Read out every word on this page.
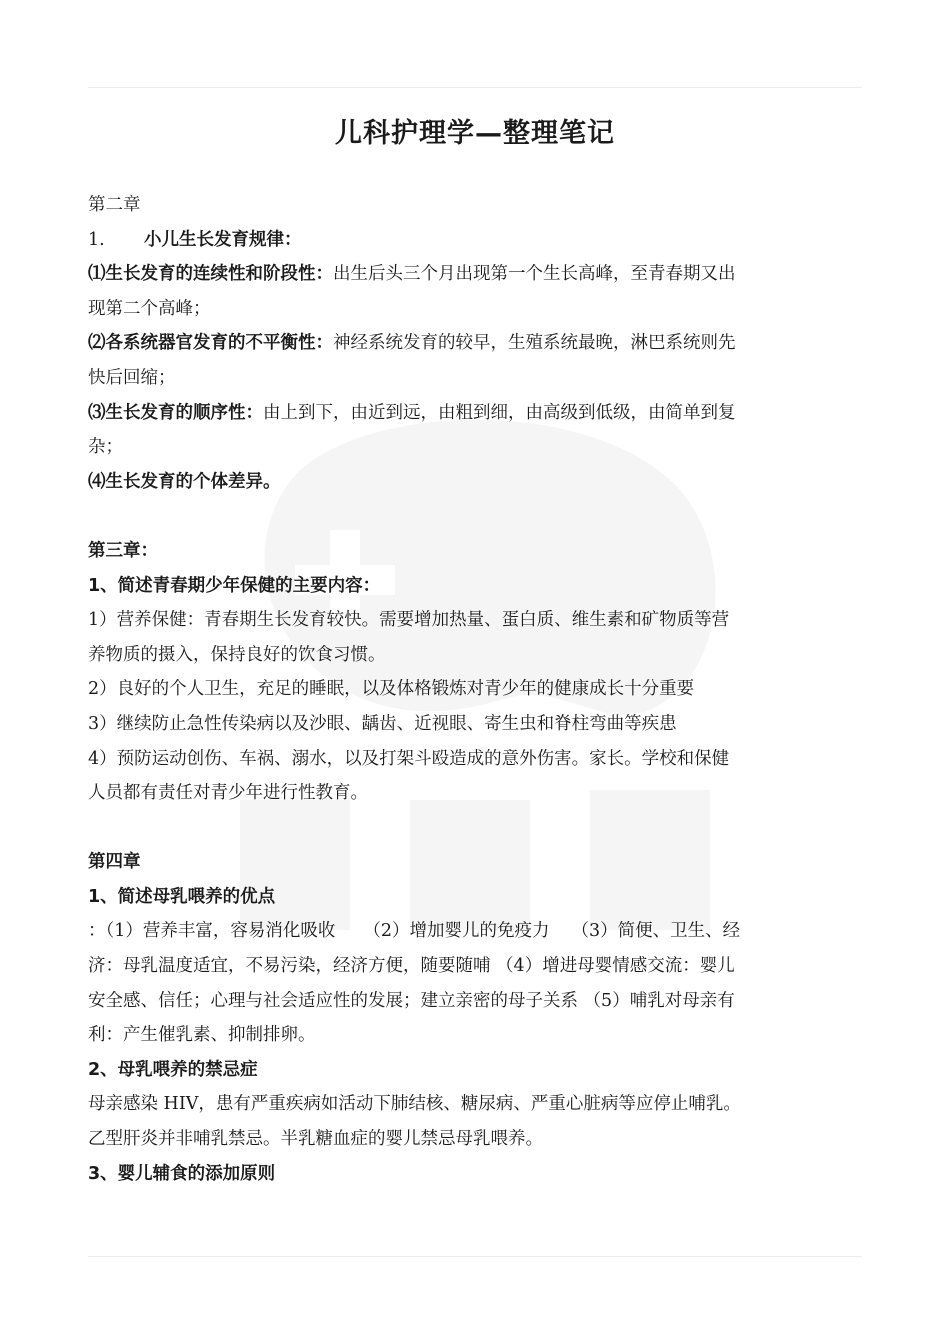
儿科护理学—整理笔记
第二章
1. 小儿生长发育规律：
⑴生长发育的连续性和阶段性：出生后头三个月出现第一个生长高峰，至青春期又出
现第二个高峰；
⑵各系统器官发育的不平衡性：神经系统发育的较早，生殖系统最晚，淋巴系统则先
快后回缩；
⑶生长发育的顺序性：由上到下，由近到远，由粗到细，由高级到低级，由简单到复
杂；
⑷生长发育的个体差异。
第三章：
1、简述青春期少年保健的主要内容：
1）营养保健：青春期生长发育较快。需要增加热量、蛋白质、维生素和矿物质等营
养物质的摄入，保持良好的饮食习惯。
2）良好的个人卫生，充足的睡眠，以及体格锻炼对青少年的健康成长十分重要
3）继续防止急性传染病以及沙眼、龋齿、近视眼、寄生虫和脊柱弯曲等疾患
4）预防运动创伤、车祸、溺水，以及打架斗殴造成的意外伤害。家长。学校和保健
人员都有责任对青少年进行性教育。
第四章
1、简述母乳喂养的优点
：（1）营养丰富，容易消化吸收 （2）增加婴儿的免疫力 （3）简便、卫生、经
济：母乳温度适宜，不易污染，经济方便，随要随哺 （4）增进母婴情感交流：婴儿
安全感、信任；心理与社会适应性的发展；建立亲密的母子关系 （5）哺乳对母亲有
利：产生催乳素、抑制排卵。
2、母乳喂养的禁忌症
母亲感染 HIV，患有严重疾病如活动下肺结核、糖尿病、严重心脏病等应停止哺乳。
乙型肝炎并非哺乳禁忌。半乳糖血症的婴儿禁忌母乳喂养。
3、婴儿辅食的添加原则
